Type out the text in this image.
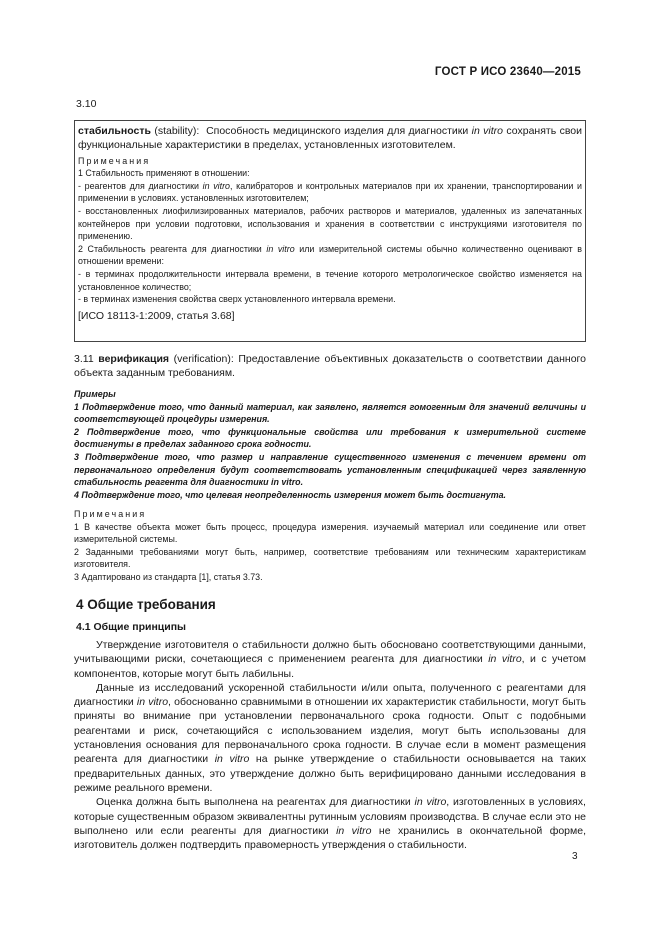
ГОСТ Р ИСО 23640—2015
3.10

стабильность (stability): Способность медицинского изделия для диагностики in vitro сохранять свои функциональные характеристики в пределах, установленных изготовителем.

Примечания

1 Стабильность применяют в отношении:

- реагентов для диагностики in vitro, калибраторов и контрольных материалов при их хранении, транспортировании и применении в условиях. установленных изготовителем;

- восстановленных лиофилизированных материалов, рабочих растворов и материалов, удаленных из запечатанных контейнеров при условии подготовки, использования и хранения в соответствии с инструкциями изготовителя по применению.

2 Стабильность реагента для диагностики in vitro или измерительной системы обычно количественно оценивают в отношении времени:

- в терминах продолжительности интервала времени, в течение которого метрологическое свойство изменяется на установленное количество;

- в терминах изменения свойства сверх установленного интервала времени.

[ИСО 18113-1:2009, статья 3.68]

3.11 верификация (verification): Предоставление объективных доказательств о соответствии данного объекта заданным требованиям.

Примеры

1 Подтверждение того, что данный материал, как заявлено, является гомогенным для значений величины и соответствующей процедуры измерения.

2 Подтверждение того, что функциональные свойства или требования к измерительной системе достигнуты в пределах заданного срока годности.

3 Подтверждение того, что размер и направление существенного изменения с течением времени от первоначального определения будут соответствовать установленным спецификацией через заявленную стабильность реагента для диагностики in vitro.

4 Подтверждение того, что целевая неопределенность измерения может быть достигнута.

Примечания

1 В качестве объекта может быть процесс, процедура измерения. изучаемый материал или соединение или ответ измерительной системы.

2 Заданными требованиями могут быть, например, соответствие требованиям или техническим характеристикам изготовителя.

3 Адаптировано из стандарта [1], статья 3.73.

4 Общие требования
4.1 Общие принципы

Утверждение изготовителя о стабильности должно быть обосновано соответствующими данными, учитывающими риски, сочетающиеся с применением реагента для диагностики in vitro, и с учетом компонентов, которые могут быть лабильны.

Данные из исследований ускоренной стабильности и/или опыта, полученного с реагентами для диагностики in vitro, обоснованно сравнимыми в отношении их характеристик стабильности, могут быть приняты во внимание при установлении первоначального срока годности. Опыт с подобными реагентами и риск, сочетающийся с использованием изделия, могут быть использованы для установления основания для первоначального срока годности. В случае если в момент размещения реагента для диагностики in vitro на рынке утверждение о стабильности основывается на таких предварительных данных, это утверждение должно быть верифицировано данными исследования в режиме реального времени.

Оценка должна быть выполнена на реагентах для диагностики in vitro, изготовленных в условиях, которые существенным образом эквивалентны рутинным условиям производства. В случае если это не выполнено или если реагенты для диагностики in vitro не хранились в окончательной форме, изготовитель должен подтвердить правомерность утверждения о стабильности.

3
